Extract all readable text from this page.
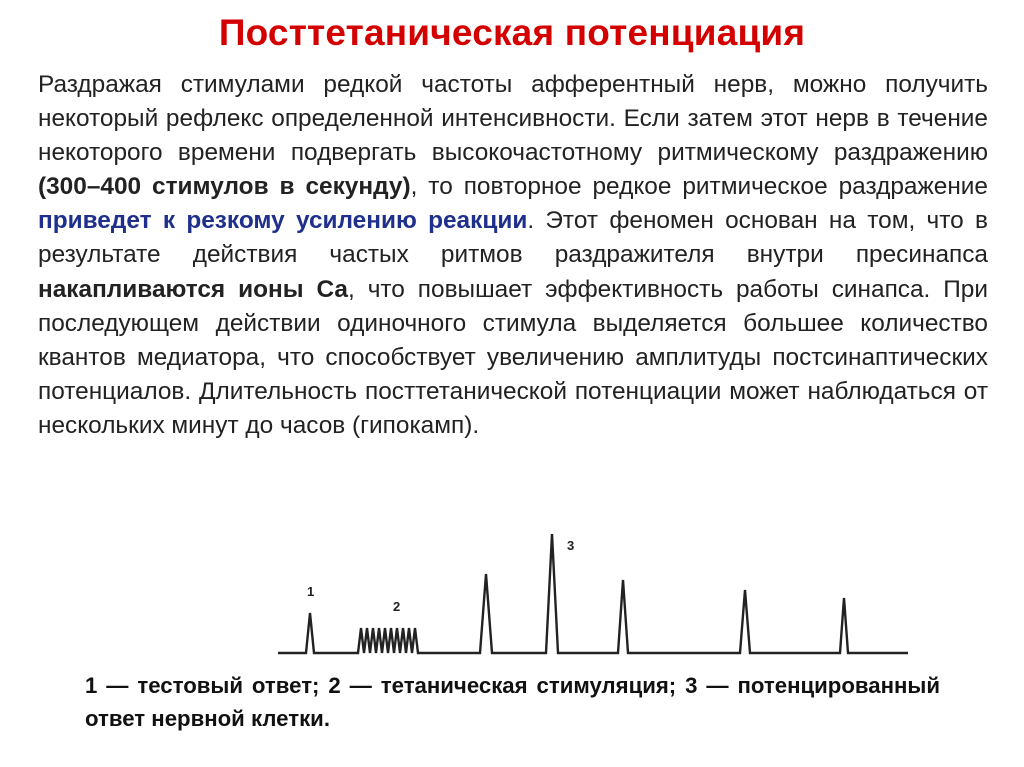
Посттетаническая потенциация

Раздражая стимулами редкой частоты афферентный нерв, можно получить некоторый рефлекс определенной интенсивности. Если затем этот нерв в течение некоторого времени подвергать высокочастотному ритмическому раздражению (300–400 стимулов в секунду), то повторное редкое ритмическое раздражение приведет к резкому усилению реакции. Этот феномен основан на том, что в результате действия частых ритмов раздражителя внутри пресинапса накапливаются ионы Са, что повышает эффективность работы синапса. При последующем действии одиночного стимула выделяется большее количество квантов медиатора, что способствует увеличению амплитуды постсинаптических потенциалов. Длительность посттетанической потенциации может наблюдаться от нескольких минут до часов (гипокамп).

1
2
3

1 — тестовый ответ; 2 — тетаническая стимуляция; 3 — потенцированный ответ нервной клетки.
